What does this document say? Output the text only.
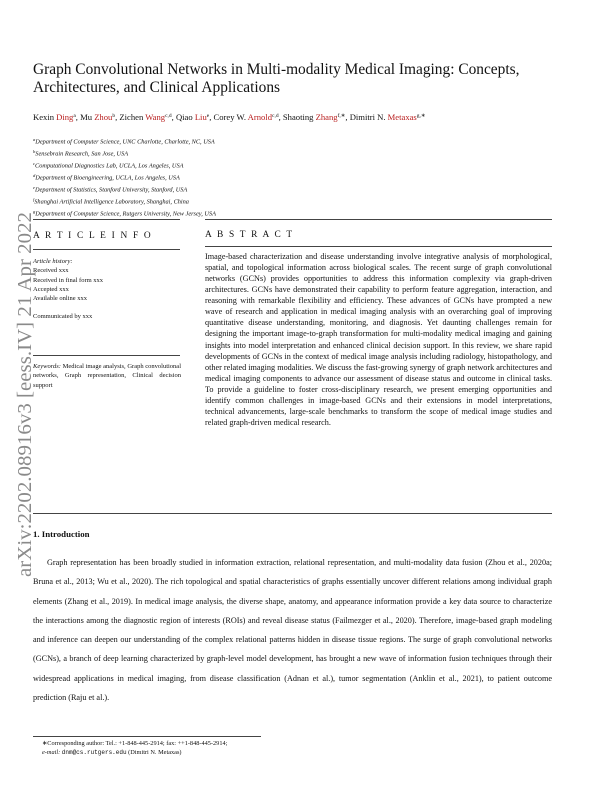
Graph Convolutional Networks in Multi-modality Medical Imaging: Concepts,
Architectures, and Clinical Applications
Kexin Ding$^a$, Mu Zhou$^b$, Zichen Wang$^{c,d}$, Qiao Liu$^e$, Corey W. Arnold$^{c,d}$, Shaoting Zhang$^{f,∗}$, Dimitri N. Metaxas$^{g,∗}$
$^a$Department of Computer Science, UNC Charlotte, Charlotte, NC, USA
$^b$Sensebrain Research, San Jose, USA
$^c$Computational Diagnostics Lab, UCLA, Los Angeles, USA
$^d$Department of Bioengineering, UCLA, Los Angeles, USA
$^e$Department of Statistics, Stanford University, Stanford, USA
$^f$Shanghai Artificial Intelligence Laboratory, Shanghai, China
$^g$Department of Computer Science, Rutgers University, New Jersey, USA
A R T I C L E I N F O
Article history:
Received xxx
Received in final form xxx
Accepted xxx
Available online xxx
Communicated by xxx
Keywords: Medical image analysis, Graph convolutional networks, Graph representation, Clinical decision support
A B S T R A C T
Image-based characterization and disease understanding involve integrative analysis of morphological, spatial, and topological information across biological scales. The recent surge of graph convolutional networks (GCNs) provides opportunities to address this information complexity via graph-driven architectures. GCNs have demonstrated their capability to perform feature aggregation, interaction, and reasoning with remarkable flexibility and efficiency. These advances of GCNs have prompted a new wave of research and application in medical imaging analysis with an overarching goal of improving quantitative disease understanding, monitoring, and diagnosis. Yet daunting challenges remain for designing the important image-to-graph transformation for multi-modality medical imaging and gaining insights into model interpretation and enhanced clinical decision support. In this review, we share rapid developments of GCNs in the context of medical image analysis including radiology, histopathology, and other related imaging modalities. We discuss the fast-growing synergy of graph network architectures and medical imaging components to advance our assessment of disease status and outcome in clinical tasks. To provide a guideline to foster cross-disciplinary research, we present emerging opportunities and identify common challenges in image-based GCNs and their extensions in model interpretations, technical advancements, large-scale benchmarks to transform the scope of medical image studies and related graph-driven medical research.
arXiv:2202.08916v3 [eess.IV] 21 Apr 2022
1. Introduction
Graph representation has been broadly studied in information extraction, relational representation, and multi-modality data fusion (Zhou et al., 2020a; Bruna et al., 2013; Wu et al., 2020). The rich topological and spatial characteristics of graphs essentially uncover different relations among individual graph elements (Zhang et al., 2019). In medical image analysis, the diverse shape, anatomy, and appearance information provide a key data source to characterize the interactions among the diagnostic region of interests (ROIs) and reveal disease status (Failmezger et al., 2020). Therefore, image-based graph modeling and inference can deepen our understanding of the complex relational patterns hidden in disease tissue regions. The surge of graph convolutional networks (GCNs), a branch of deep learning characterized by graph-level model development, has brought a new wave of information fusion techniques through their widespread applications in medical imaging, from disease classification (Adnan et al.), tumor segmentation (Anklin et al., 2021), to patient outcome prediction (Raju et al.).
∗Corresponding author: Tel.: +1-848-445-2914; fax: ++1-848-445-2914;
e-mail: dnm@cs.rutgers.edu (Dimitri N. Metaxas)
